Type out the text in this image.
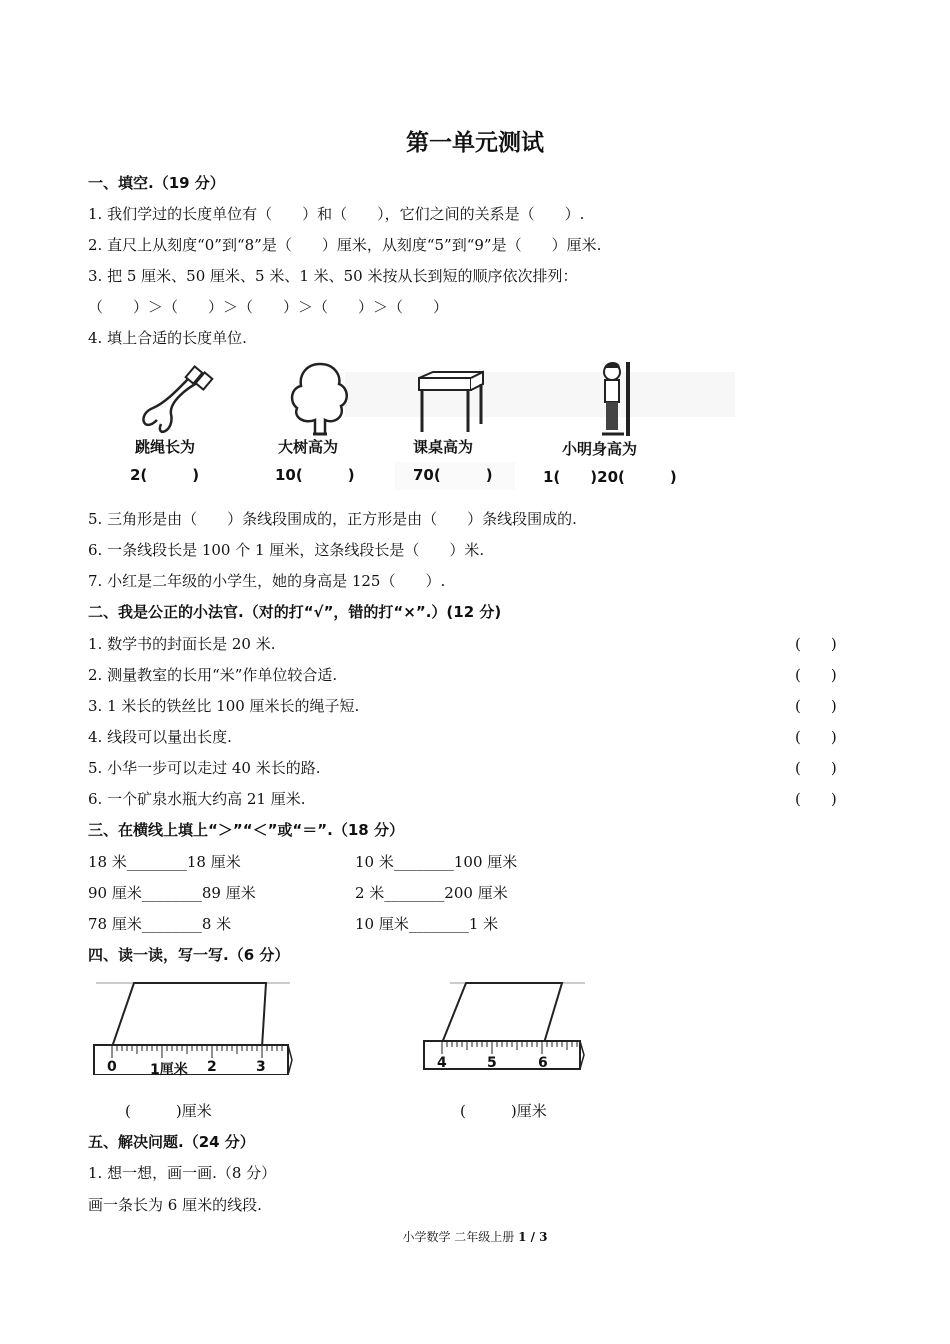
第一单元测试
一、填空.（19 分）
1. 我们学过的长度单位有（　　）和（　　），它们之间的关系是（　　）.
2. 直尺上从刻度“0”到“8”是（　　）厘米，从刻度“5”到“9”是（　　）厘米.
3. 把 5 厘米、50 厘米、5 米、1 米、50 米按从长到短的顺序依次排列：
（　　）＞（　　）＞（　　）＞（　　）＞（　　）
4. 填上合适的长度单位.
跳绳长为	大树高为	课桌高为	小明身高为
2(　　　)	10(　　　)	70(　　　)	1(　　)20(　　　)
5. 三角形是由（　　）条线段围成的，正方形是由（　　）条线段围成的.
6. 一条线段长是 100 个 1 厘米，这条线段长是（　　）米.
7. 小红是二年级的小学生，她的身高是 125（　　）.
二、我是公正的小法官.（对的打“√”，错的打“×”.）(12 分)
1. 数学书的封面长是 20 米.	(　　)
2. 测量教室的长用“米”作单位较合适.	(　　)
3. 1 米长的铁丝比 100 厘米长的绳子短.	(　　)
4. 线段可以量出长度.	(　　)
5. 小华一步可以走过 40 米长的路.	(　　)
6. 一个矿泉水瓶大约高 21 厘米.	(　　)
三、在横线上填上“＞”“＜”或“＝”.（18 分）
18 米________18 厘米	10 米________100 厘米
90 厘米________89 厘米	2 米________200 厘米
78 厘米________8 米	10 厘米________1 米
四、读一读，写一写.（6 分）
0 1厘米 2	3	4	5	6
(　　　)厘米	(　　　)厘米
五、解决问题.（24 分）
1. 想一想，画一画.（8 分）
画一条长为 6 厘米的线段.
小学数学 二年级上册 1 / 3
